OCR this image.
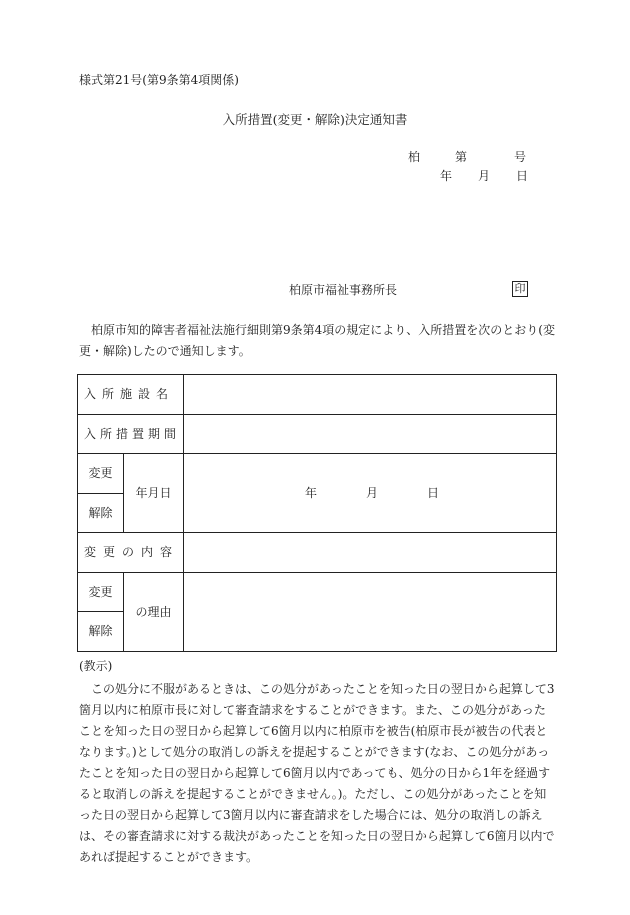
様式第21号(第9条第4項関係)
入所措置(変更・解除)決定通知書
柏	第	号
年 月 日
柏原市福祉事務所長	印

柏原市知的障害者福祉法施行細則第9条第4項の規定により、入所措置を次のとおり(変更・解除)したので通知します。

入所施設名		
入所措置期間		
変更	年月日	年 月 日

解除		
変更の内容		
変更	の理由	
解除		
(教示)

この処分に不服があるときは、この処分があったことを知った日の翌日から起算して3箇月以内に柏原市長に対して審査請求をすることができます。また、この処分があったことを知った日の翌日から起算して6箇月以内に柏原市を被告(柏原市長が被告の代表となります。)として処分の取消しの訴えを提起することができます(なお、この処分があったことを知った日の翌日から起算して6箇月以内であっても、処分の日から1年を経過すると取消しの訴えを提起することができません。)。ただし、この処分があったことを知った日の翌日から起算して3箇月以内に審査請求をした場合には、処分の取消しの訴えは、その審査請求に対する裁決があったことを知った日の翌日から起算して6箇月以内であれば提起することができます。
